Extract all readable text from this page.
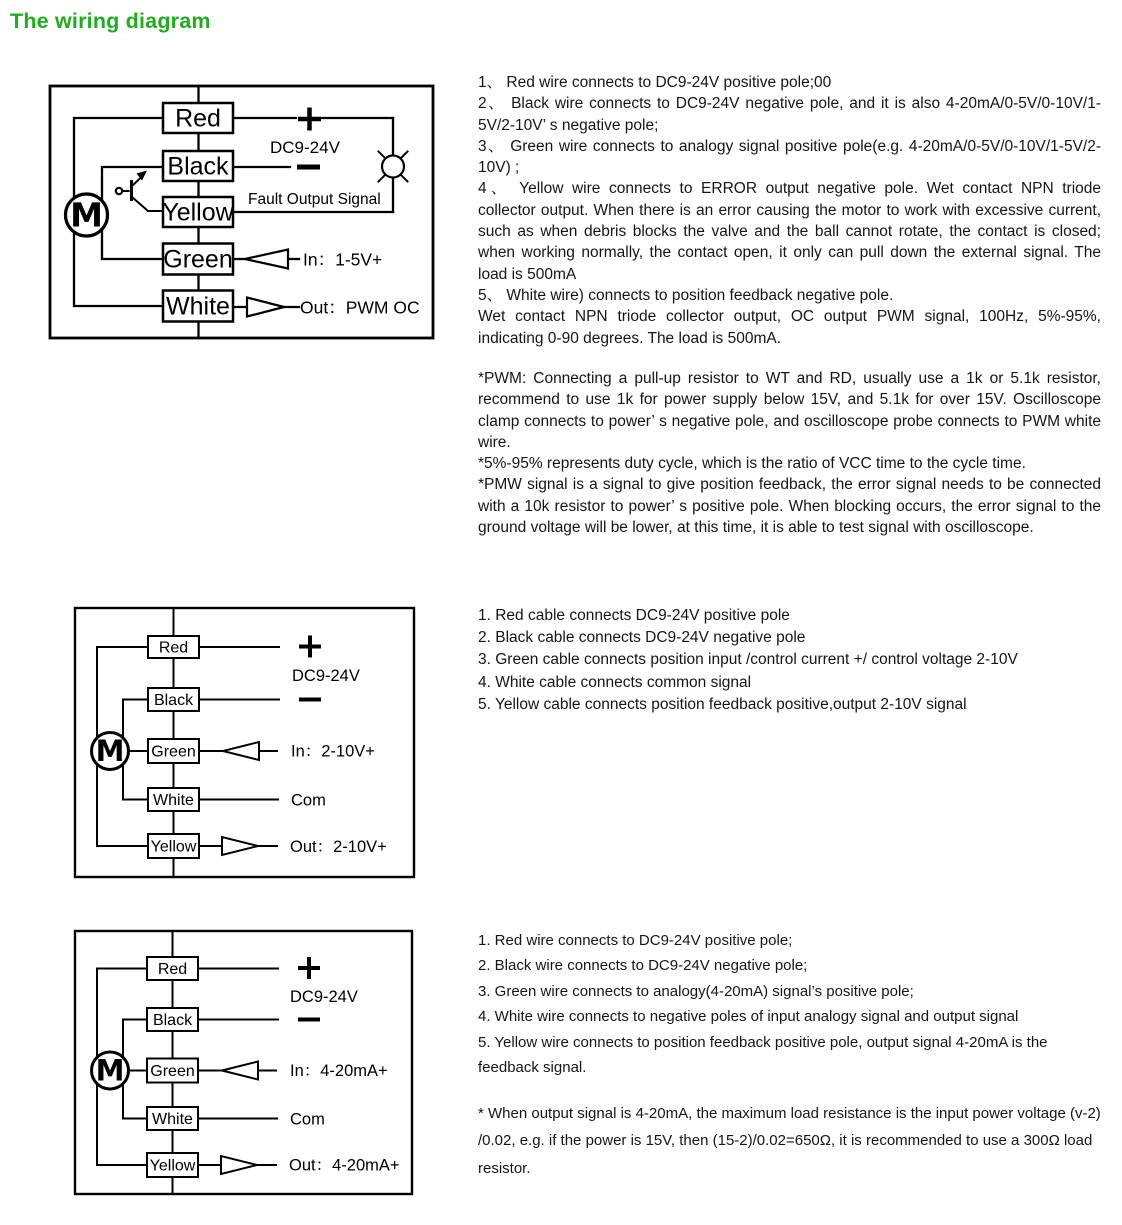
The wiring diagram
Red
Black
Yellow
Green
White
M
DC9-24V
Fault Output Signal
In：1-5V+
Out：PWM OC
Red
Black
Green
White
Yellow
M
DC9-24V
In：2-10V+
Com
Out：2-10V+
Red
Black
Green
White
Yellow
M
DC9-24V
In：4-20mA+
Com
Out：4-20mA+

1、 Red wire connects to DC9-24V positive pole;00

2、 Black wire connects to DC9-24V negative pole, and it is also 4-20mA/0-5V/0-10V/1-5V/2-10V’ s negative pole;

3、 Green wire connects to analogy signal positive pole(e.g. 4-20mA/0-5V/0-10V/1-5V/2-10V) ;

4、 Yellow wire connects to ERROR output negative pole. Wet contact NPN triode collector output. When there is an error causing the motor to work with excessive current, such as when debris blocks the valve and the ball cannot rotate, the contact is closed; when working normally, the contact open, it only can pull down the external signal. The load is 500mA

5、 White wire) connects to position feedback negative pole.

Wet contact NPN triode collector output, OC output PWM signal, 100Hz, 5%-95%, indicating 0-90 degrees. The load is 500mA.

*PWM: Connecting a pull-up resistor to WT and RD, usually use a 1k or 5.1k resistor, recommend to use 1k for power supply below 15V, and 5.1k for over 15V. Oscilloscope clamp connects to power’ s negative pole, and oscilloscope probe connects to PWM white wire.

*5%-95% represents duty cycle, which is the ratio of VCC time to the cycle time.

*PMW signal is a signal to give position feedback, the error signal needs to be connected with a 10k resistor to power’ s positive pole. When blocking occurs, the error signal to the ground voltage will be lower, at this time, it is able to test signal with oscilloscope.

1. Red cable connects DC9-24V positive pole

2. Black cable connects DC9-24V negative pole

3. Green cable connects position input /control current +/ control voltage 2-10V

4. White cable connects common signal

5. Yellow cable connects position feedback positive,output 2-10V signal

1. Red wire connects to DC9-24V positive pole;

2. Black wire connects to DC9-24V negative pole;

3. Green wire connects to analogy(4-20mA) signal’s positive pole;

4. White wire connects to negative poles of input analogy signal and output signal

5. Yellow wire connects to position feedback positive pole, output signal 4-20mA is the feedback signal.

* When output signal is 4-20mA, the maximum load resistance is the input power voltage (v-2) /0.02, e.g. if the power is 15V, then (15-2)/0.02=650Ω, it is recommended to use a 300Ω load resistor.
